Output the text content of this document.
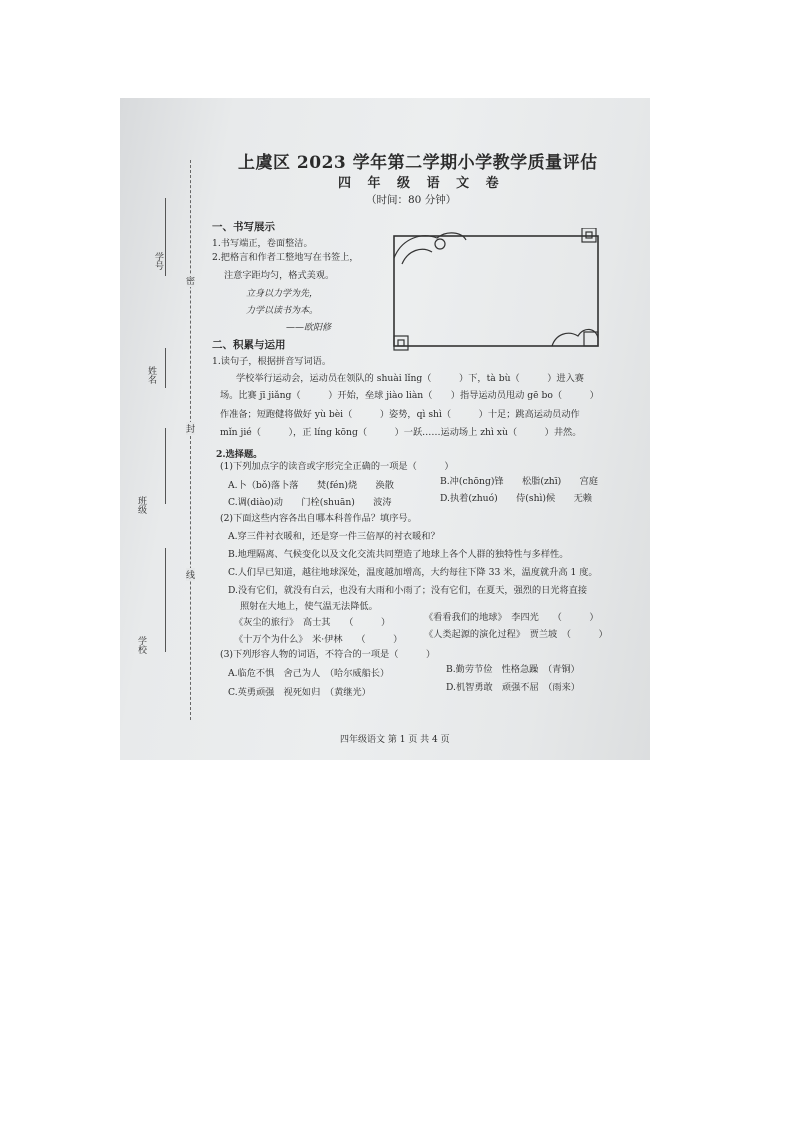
学号
姓名
班级
学校
密
封
线
上虞区 2023 学年第二学期小学教学质量评估
四 年 级 语 文 卷
（时间：80 分钟）
一、书写展示
1.书写端正，卷面整洁。
2.把格言和作者工整地写在书签上，
注意字距均匀，格式美观。
立身以力学为先，
力学以读书为本。
——欧阳修
二、积累与运用
1.读句子，根据拼音写词语。
学校举行运动会，运动员在领队的 shuài lǐng（　　　）下，tà bù（　　　）进入赛
场。比赛 jī jiǎng（　　　）开始，垒球 jiào liàn（　　）指导运动员甩动 gē bo（　　　）
作准备；短跑健将做好 yù bèi（　　　）姿势，qì shì（　　　）十足；跳高运动员动作
mǐn jié（　　　），正 líng kōng（　　　）一跃……运动场上 zhì xù（　　　）井然。
2.选择题。
(1)下列加点字的读音或字形完全正确的一项是（　　　）
A.卜（bǒ)落卜落　　焚(fén)烧　　涣散	B.冲(chōng)锋　　松脂(zhī)　　宫庭
C.调(diào)动　　门栓(shuān)　　波涛	D.执着(zhuó)　　侍(shì)候　　无赖
(2)下面这些内容各出自哪本科普作品？填序号。
A.穿三件衬衣暖和，还是穿一件三倍厚的衬衣暖和？
B.地理隔离、气候变化以及文化交流共同塑造了地球上各个人群的独特性与多样性。
C.人们早已知道，越往地球深处，温度越加增高，大约每往下降 33 米，温度就升高 1 度。
D.没有它们，就没有白云，也没有大雨和小雨了；没有它们，在夏天，强烈的日光将直接
照射在大地上，使气温无法降低。
《灰尘的旅行》　高士其　　（　　　）	《看看我们的地球》　李四光　　（　　　）
《十万个为什么》　米·伊林　　（　　　） 《人类起源的演化过程》　贾兰坡　（　　　）
(3)下列形容人物的词语，不符合的一项是（　　　）
A.临危不惧　舍己为人　（哈尔威船长）	B.勤劳节俭　性格急躁　（青铜）
C.英勇顽强　视死如归　（黄继光）	D.机智勇敢　顽强不屈　（雨来）
四年级语文 第 1 页 共 4 页
